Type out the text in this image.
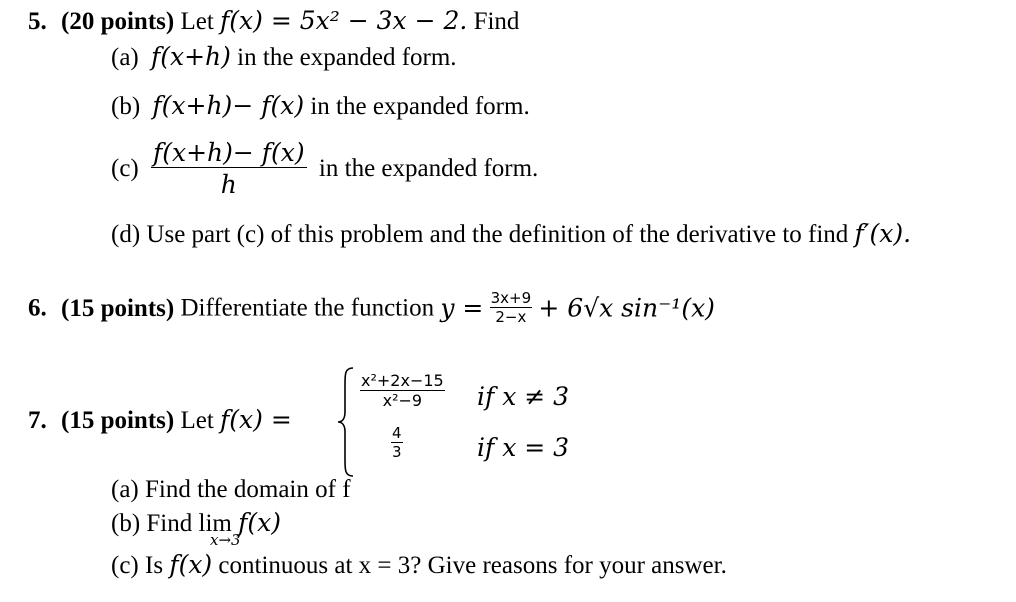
5. (20 points) Let f(x) = 5x² − 3x − 2. Find
(a) f(x+h) in the expanded form.
(b) f(x+h)− f(x) in the expanded form.
$(c) \frac{f(x+h)- f(x)}{h}$ in the expanded form.
(d) Use part (c) of this problem and the definition of the derivative to find f′(x).
6. (15 points) Differentiate the function $y = \frac{3x+9}{2-x} + 6√x$ sin⁻¹(x)
7. (15 points) Let f(x) =
$\frac{\text{x²+2x−15}}{\text{x²−9}}$ if x ≠ 3
$\frac{4}{3}$	if x = 3
(a) Find the domain of f
(b) Find lim f(x)
x→3
(c) Is f(x) continuous at x = 3? Give reasons for your answer.
